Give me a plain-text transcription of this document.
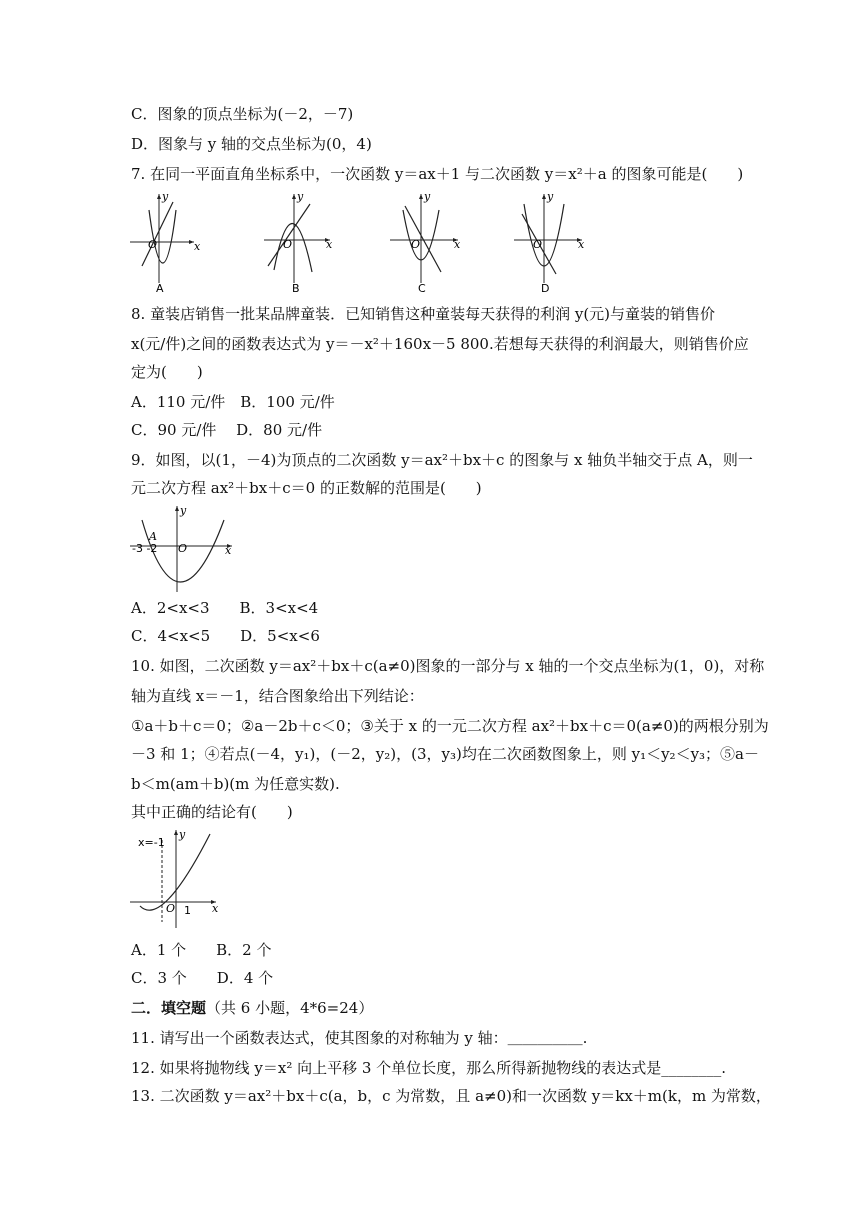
C．图象的顶点坐标为(－2，－7)
D．图象与 y 轴的交点坐标为(0，4)
7. 在同一平面直角坐标系中，一次函数 y＝ax＋1 与二次函数 y＝x²＋a 的图象可能是(　　)
O	x
y
A
O	x
y
B
O	x
y
C
O	x
y
D
8. 童装店销售一批某品牌童装．已知销售这种童装每天获得的利润 y(元)与童装的销售价
x(元/件)之间的函数表达式为 y＝－x²＋160x－5 800.若想每天获得的利润最大，则销售价应
定为(　　)
A．110 元/件　B．100 元/件
C．90 元/件　 D．80 元/件
9．如图，以(1，－4)为顶点的二次函数 y＝ax²＋bx＋c 的图象与 x 轴负半轴交于点 A，则一
元二次方程 ax²＋bx＋c＝0 的正数解的范围是(　　)
-3 -2
A
O	x
y
A．2<x<3　　B．3<x<4
C．4<x<5　　D．5<x<6
10. 如图，二次函数 y＝ax²＋bx＋c(a≠0)图象的一部分与 x 轴的一个交点坐标为(1，0)，对称
轴为直线 x＝－1，结合图象给出下列结论：
①a＋b＋c＝0；②a－2b＋c＜0；③关于 x 的一元二次方程 ax²＋bx＋c＝0(a≠0)的两根分别为
－3 和 1；④若点(－4，y₁)，(－2，y₂)，(3，y₃)均在二次函数图象上，则 y₁＜y₂＜y₃；⑤a－
b＜m(am＋b)(m 为任意实数).
其中正确的结论有(　　)
x=-1
O 1 x
y
A．1 个　　B．2 个
C．3 个　　D．4 个
二．填空题（共 6 小题，4*6=24）
11. 请写出一个函数表达式，使其图象的对称轴为 y 轴：＿＿＿＿＿.
12. 如果将抛物线 y＝x² 向上平移 3 个单位长度，那么所得新抛物线的表达式是________.
13. 二次函数 y＝ax²＋bx＋c(a，b，c 为常数，且 a≠0)和一次函数 y＝kx＋m(k，m 为常数，
